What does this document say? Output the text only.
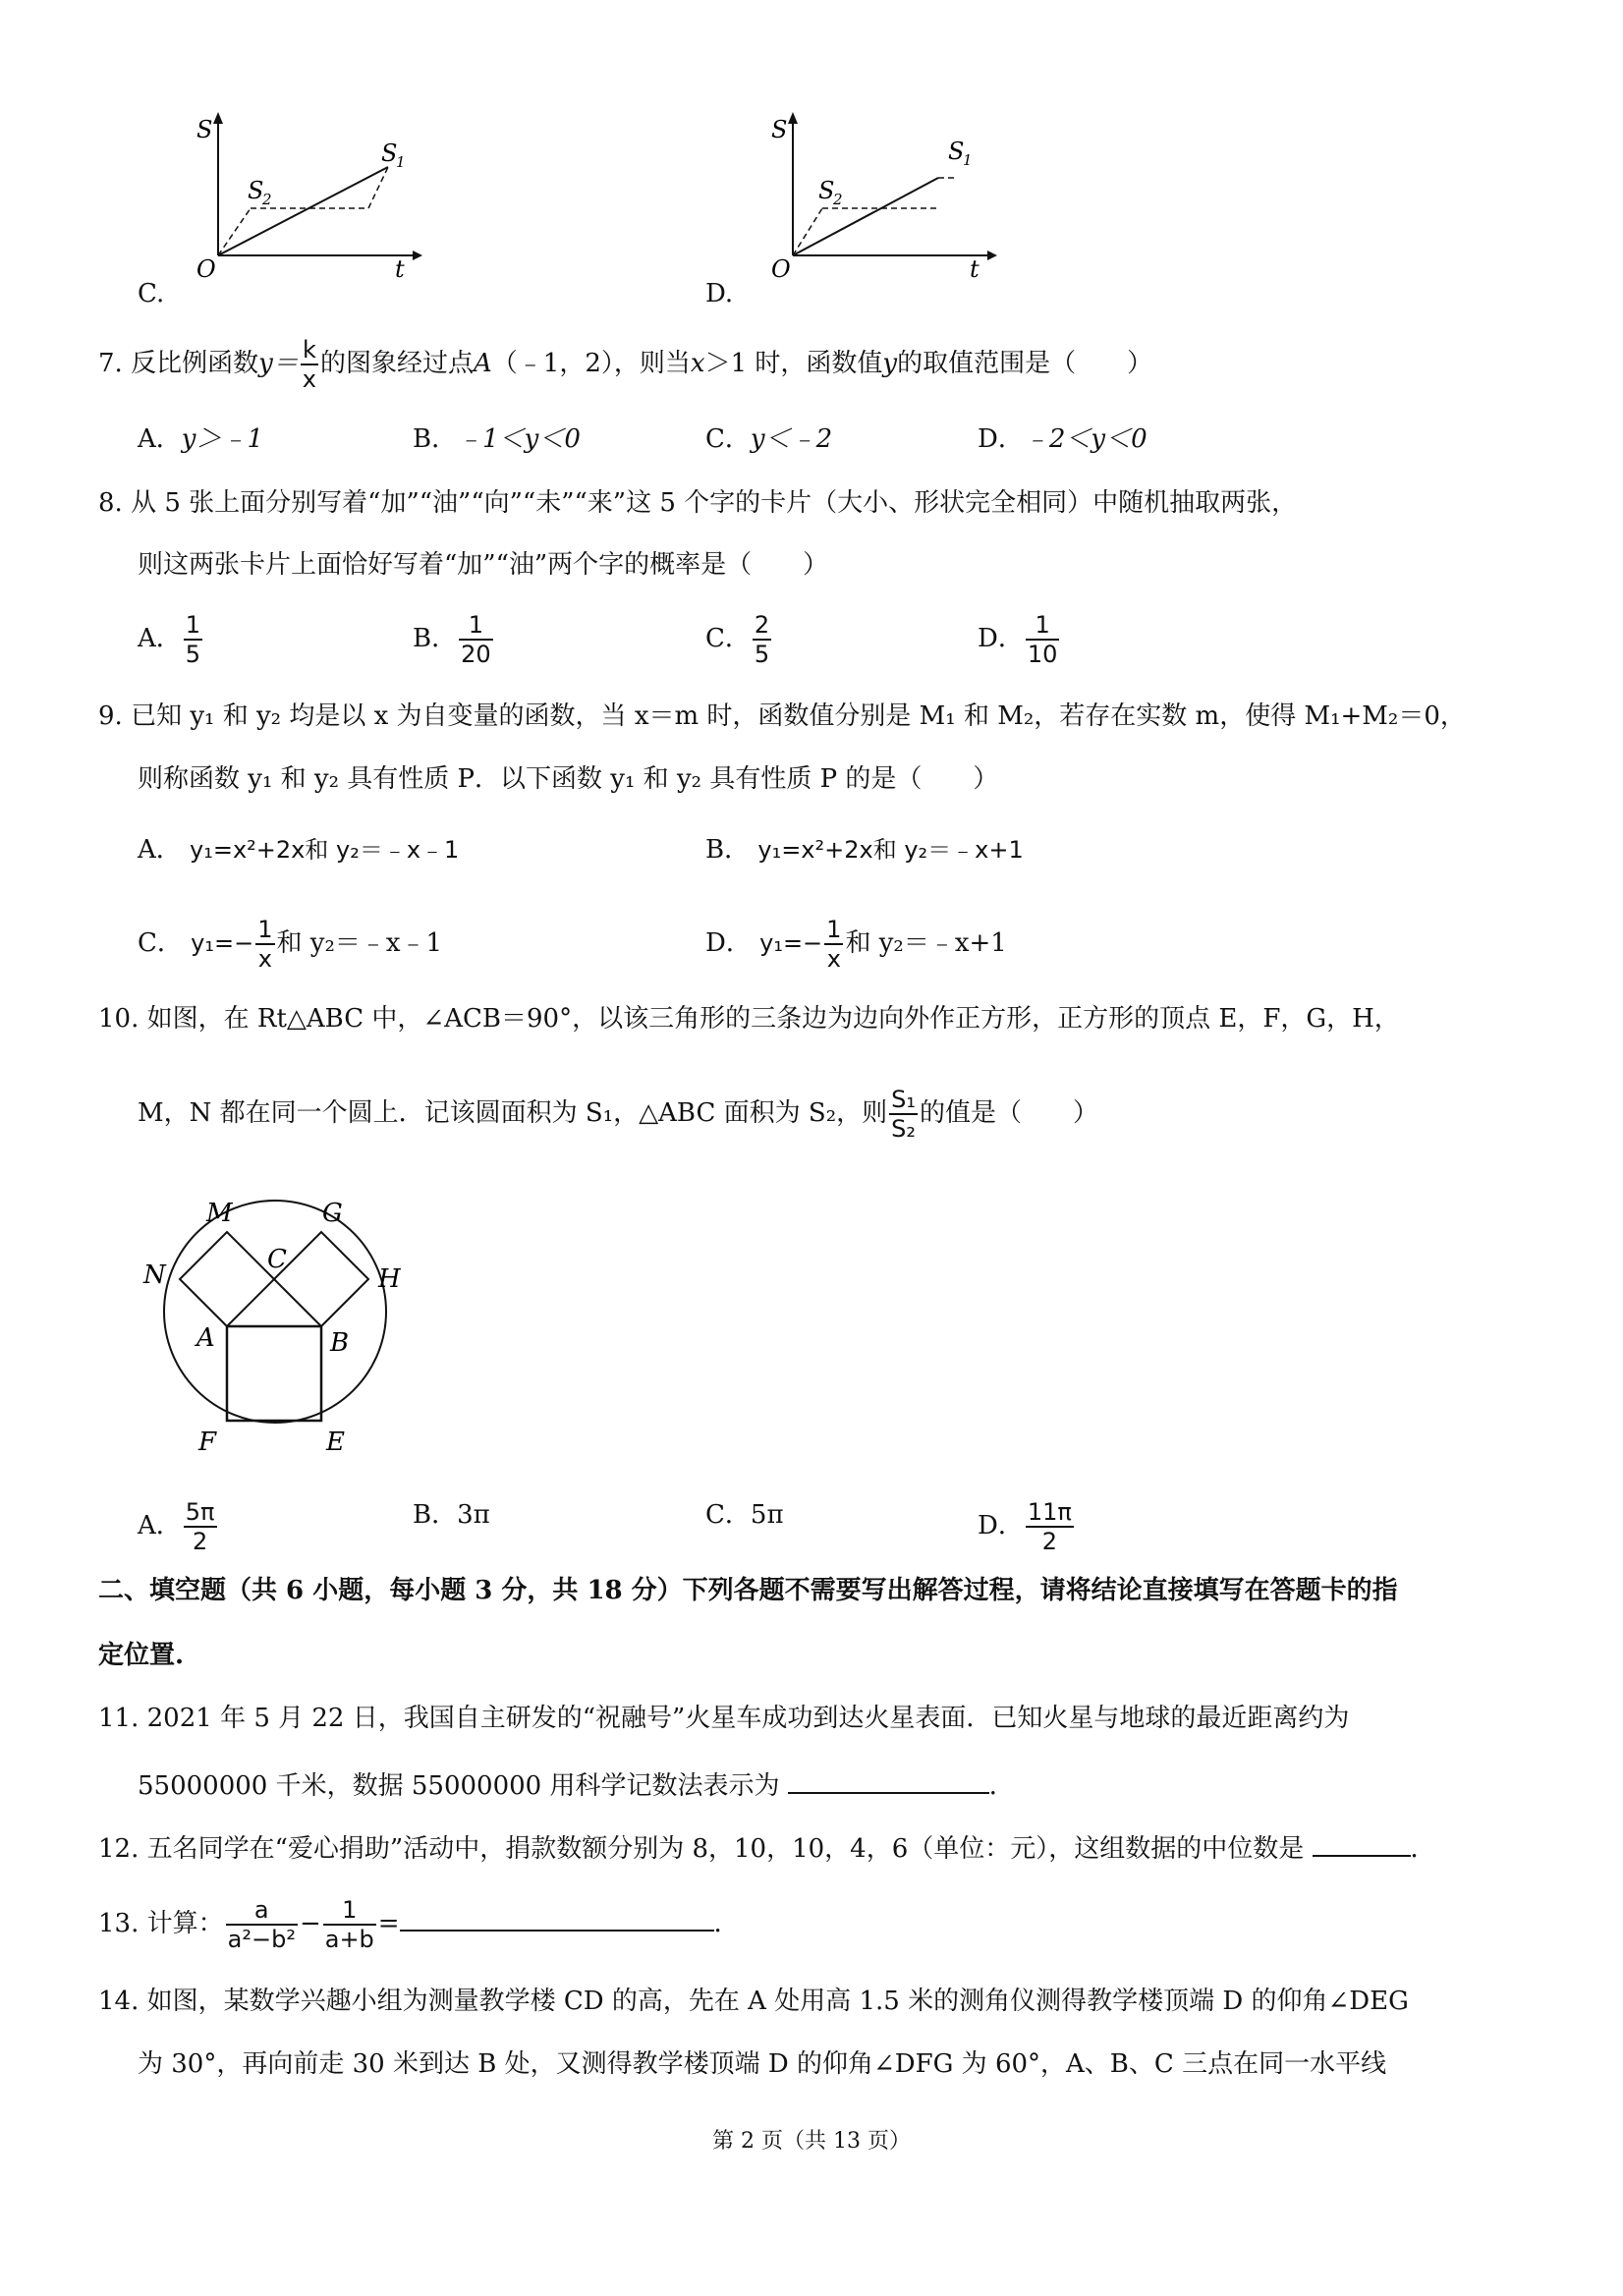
S
t
O
S
1
S
2
C.
S
t
O
S
1
S
2
D.
7. 反比例函数$y= \frac{k}{x}$ 的图象经过点A（﹣1，2），则当x＞1 时，函数值y的取值范围是（　　）
A．y＞﹣1	B．﹣1＜y＜0	C．y＜﹣2	D．﹣2＜y＜0
8. 从 5 张上面分别写着“加”“油”“向”“未”“来”这 5 个字的卡片（大小、形状完全相同）中随机抽取两张，
则这两张卡片上面恰好写着“加”“油”两个字的概率是（　　）
A． $\frac{1}{5}$	B． $\frac{1}{20}$	C． $\frac{2}{5}$	D． $\frac{1}{10}$
9. 已知 y₁ 和 y₂ 均是以 x 为自变量的函数，当 x＝m 时，函数值分别是 M₁ 和 M₂，若存在实数 m，使得 M₁+M₂＝0，
则称函数 y₁ 和 y₂ 具有性质 P．以下函数 y₁ 和 y₂ 具有性质 P 的是（　　）
A． y₁=x²+2x和 y₂＝﹣x﹣1	B． y₁=x²+2x和 y₂＝﹣x+1
C． $y_1=- \frac{1}{x}$ 和 y₂＝﹣x﹣1	D． $y_1=- \frac{1}{x}$ 和 y₂＝﹣x+1
10. 如图，在 Rt△ABC 中，∠ACB＝90°，以该三角形的三条边为边向外作正方形，正方形的顶点 E，F，G，H，
M，N 都在同一个圆上．记该圆面积为 S₁，△ABC 面积为 S₂，则 $\frac{\text{S₁}}{\text{S₂}}$ 的值是（　　）
M	G
N
C
H
A	B
F	E
A． $\frac{5\pi}{2}$	B．3π	C．5π	D． $\frac{11\pi}{2}$
二、填空题（共 6 小题，每小题 3 分，共 18 分）下列各题不需要写出解答过程，请将结论直接填写在答题卡的指
定位置.
11. 2021 年 5 月 22 日，我国自主研发的“祝融号”火星车成功到达火星表面．已知火星与地球的最近距离约为
55000000 千米，数据 55000000 用科学记数法表示为	．
12. 五名同学在“爱心捐助”活动中，捐款数额分别为 8，10，10，4，6（单位：元），这组数据的中位数是	．
13. 计算： $\frac{a}{\text{a²−b²}} - \frac{1}{a+b}$ =	．
14. 如图，某数学兴趣小组为测量教学楼 CD 的高，先在 A 处用高 1.5 米的测角仪测得教学楼顶端 D 的仰角∠DEG
为 30°，再向前走 30 米到达 B 处，又测得教学楼顶端 D 的仰角∠DFG 为 60°，A、B、C 三点在同一水平线
第 2 页（共 13 页）
